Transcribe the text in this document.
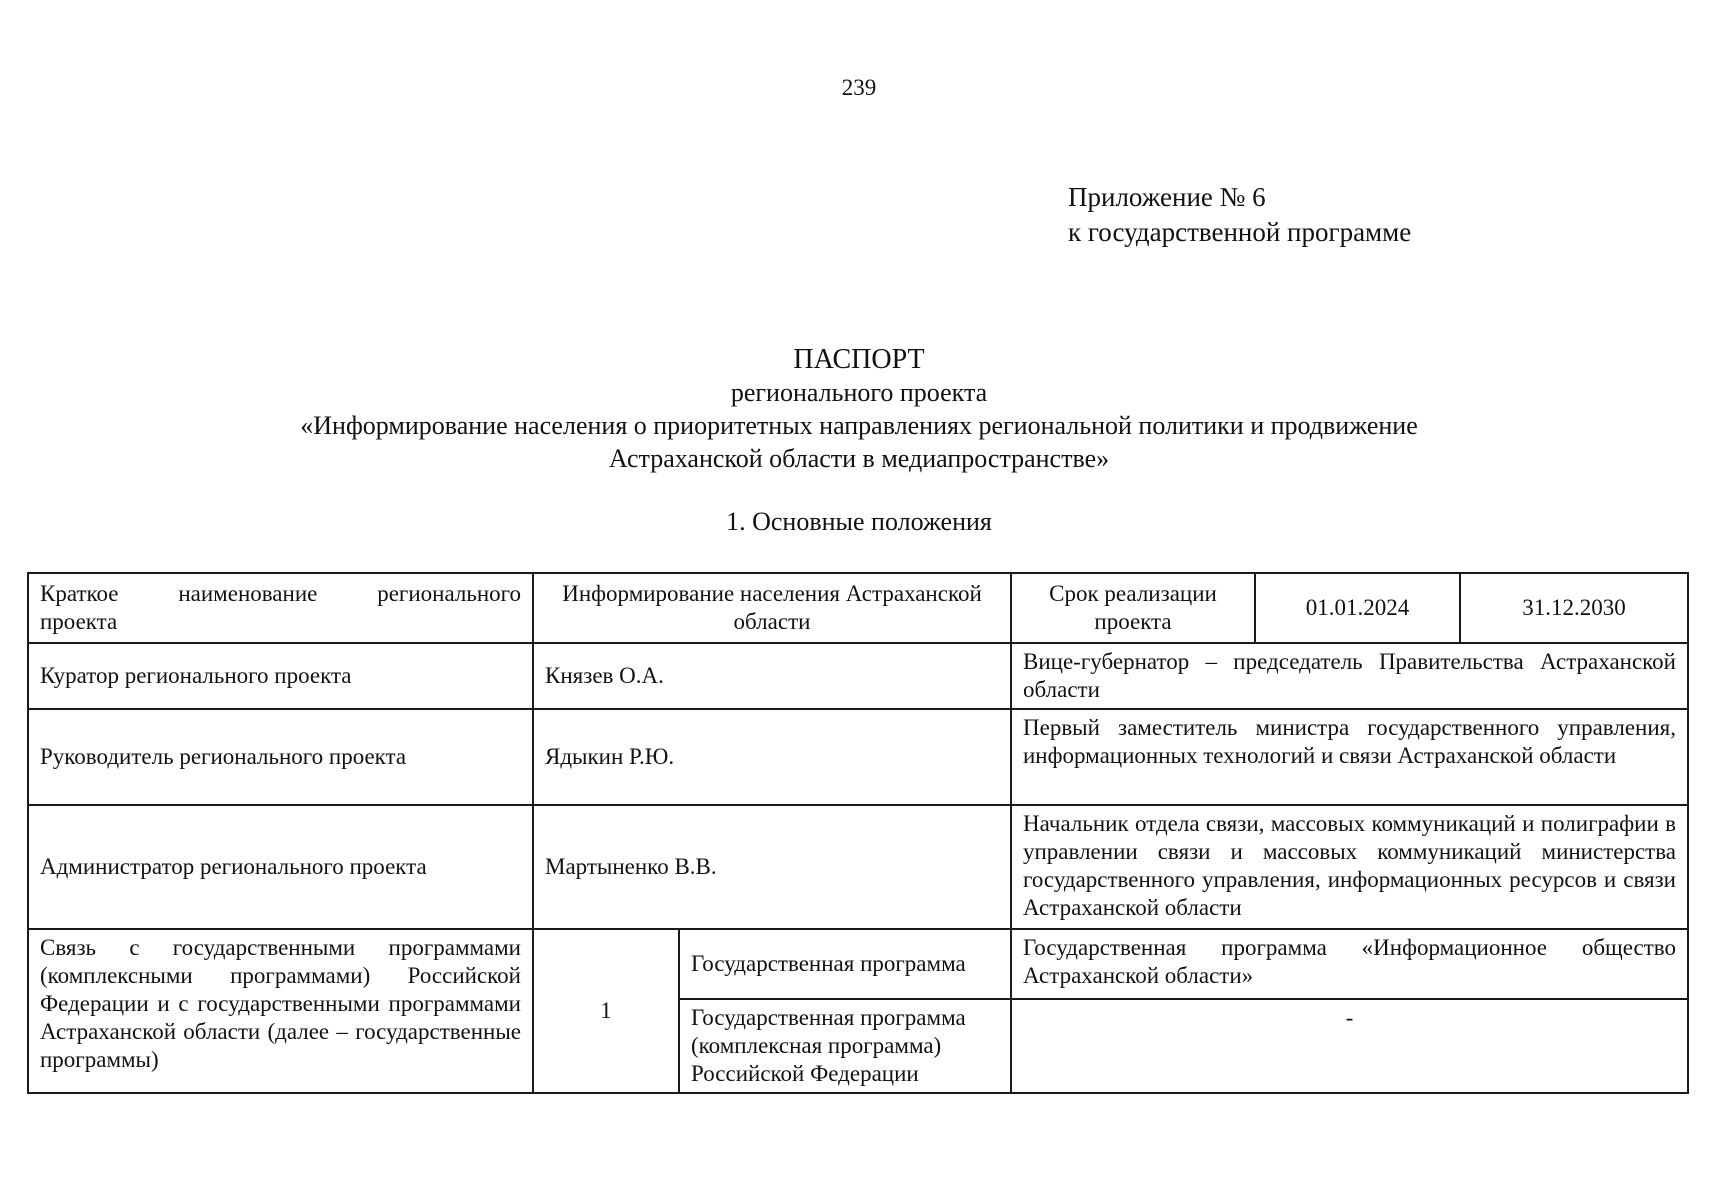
239
Приложение № 6
к государственной программе
ПАСПОРТ
регионального проекта
«Информирование населения о приоритетных направлениях региональной политики и продвижение
Астраханской области в медиапространстве»
1. Основные положения
Краткое наименование регионального
проекта	Информирование населения Астраханской области		Срок реализации проекта	01.01.2024	31.12.2030
Куратор регионального проекта	Князев О.А.		Вице-губернатор – председатель Правительства Астраханской области		
Руководитель регионального проекта	Ядыкин Р.Ю.		Первый заместитель министра государственного управления, информационных технологий и связи Астраханской области		
Администратор регионального проекта	Мартыненко В.В.		Начальник отдела связи, массовых коммуникаций и полиграфии в управлении связи и массовых коммуникаций министерства государственного управления, информационных ресурсов и связи Астраханской области		
Связь с государственными программами (комплексными программами) Российской Федерации и с государственными программами Астраханской области (далее – государственные программы)	1	Государственная программа	Государственная программа «Информационное общество Астраханской области»		
		Государственная программа (комплексная программа) Российской Федерации	-		
